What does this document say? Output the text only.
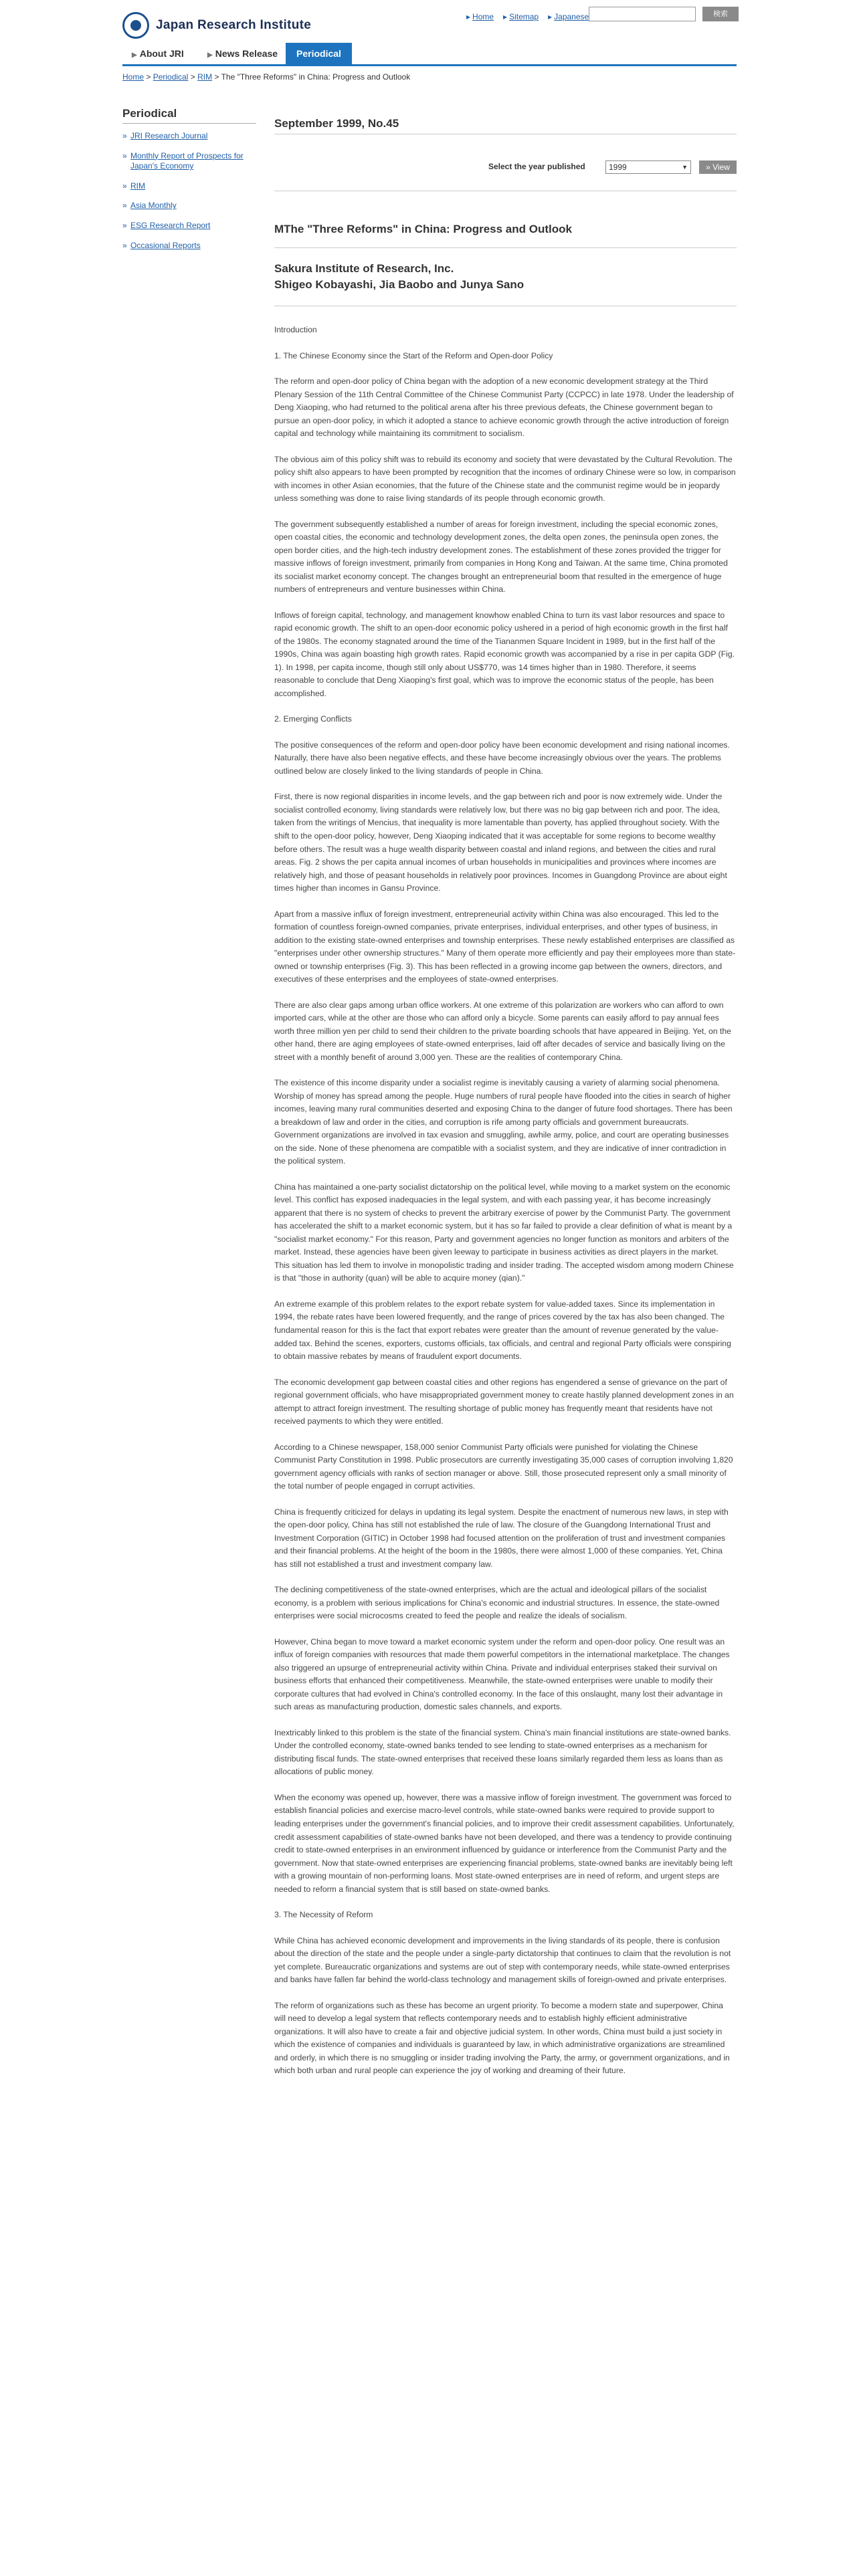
Japan Research Institute
▸ Home ▸ Sitemap ▸ Japanese	検索
▶ About JRI	▶ News Release	Periodical
Home > Periodical > RIM > The "Three Reforms" in China: Progress and Outlook
Periodical
» JRI Research Journal
» Monthly Report of Prospects for Japan's Economy
» RIM
» Asia Monthly
» ESG Research Report
» Occasional Reports
September 1999, No.45
Select the year published	1999	▼	» View
MThe "Three Reforms" in China: Progress and Outlook
Sakura Institute of Research, Inc.
Shigeo Kobayashi, Jia Baobo and Junya Sano
Introduction
1. The Chinese Economy since the Start of the Reform and Open-door Policy

The reform and open-door policy of China began with the adoption of a new economic development strategy at the Third Plenary Session of the 11th Central Committee of the Chinese Communist Party (CCPCC) in late 1978. Under the leadership of Deng Xiaoping, who had returned to the political arena after his three previous defeats, the Chinese government began to pursue an open-door policy, in which it adopted a stance to achieve economic growth through the active introduction of foreign capital and technology while maintaining its commitment to socialism.

The obvious aim of this policy shift was to rebuild its economy and society that were devastated by the Cultural Revolution. The policy shift also appears to have been prompted by recognition that the incomes of ordinary Chinese were so low, in comparison with incomes in other Asian economies, that the future of the Chinese state and the communist regime would be in jeopardy unless something was done to raise living standards of its people through economic growth.

The government subsequently established a number of areas for foreign investment, including the special economic zones, open coastal cities, the economic and technology development zones, the delta open zones, the peninsula open zones, the open border cities, and the high-tech industry development zones. The establishment of these zones provided the trigger for massive inflows of foreign investment, primarily from companies in Hong Kong and Taiwan. At the same time, China promoted its socialist market economy concept. The changes brought an entrepreneurial boom that resulted in the emergence of huge numbers of entrepreneurs and venture businesses within China.

Inflows of foreign capital, technology, and management knowhow enabled China to turn its vast labor resources and space to rapid economic growth. The shift to an open-door economic policy ushered in a period of high economic growth in the first half of the 1980s. The economy stagnated around the time of the Tiananmen Square Incident in 1989, but in the first half of the 1990s, China was again boasting high growth rates. Rapid economic growth was accompanied by a rise in per capita GDP (Fig. 1). In 1998, per capita income, though still only about US$770, was 14 times higher than in 1980. Therefore, it seems reasonable to conclude that Deng Xiaoping's first goal, which was to improve the economic status of the people, has been accomplished.

2. Emerging Conflicts

The positive consequences of the reform and open-door policy have been economic development and rising national incomes. Naturally, there have also been negative effects, and these have become increasingly obvious over the years. The problems outlined below are closely linked to the living standards of people in China.

First, there is now regional disparities in income levels, and the gap between rich and poor is now extremely wide. Under the socialist controlled economy, living standards were relatively low, but there was no big gap between rich and poor. The idea, taken from the writings of Mencius, that inequality is more lamentable than poverty, has applied throughout society. With the shift to the open-door policy, however, Deng Xiaoping indicated that it was acceptable for some regions to become wealthy before others. The result was a huge wealth disparity between coastal and inland regions, and between the cities and rural areas. Fig. 2 shows the per capita annual incomes of urban households in municipalities and provinces where incomes are relatively high, and those of peasant households in relatively poor provinces. Incomes in Guangdong Province are about eight times higher than incomes in Gansu Province.

Apart from a massive influx of foreign investment, entrepreneurial activity within China was also encouraged. This led to the formation of countless foreign-owned companies, private enterprises, individual enterprises, and other types of business, in addition to the existing state-owned enterprises and township enterprises. These newly established enterprises are classified as "enterprises under other ownership structures." Many of them operate more efficiently and pay their employees more than state-owned or township enterprises (Fig. 3). This has been reflected in a growing income gap between the owners, directors, and executives of these enterprises and the employees of state-owned enterprises.

There are also clear gaps among urban office workers. At one extreme of this polarization are workers who can afford to own imported cars, while at the other are those who can afford only a bicycle. Some parents can easily afford to pay annual fees worth three million yen per child to send their children to the private boarding schools that have appeared in Beijing. Yet, on the other hand, there are aging employees of state-owned enterprises, laid off after decades of service and basically living on the street with a monthly benefit of around 3,000 yen. These are the realities of contemporary China.

The existence of this income disparity under a socialist regime is inevitably causing a variety of alarming social phenomena. Worship of money has spread among the people. Huge numbers of rural people have flooded into the cities in search of higher incomes, leaving many rural communities deserted and exposing China to the danger of future food shortages. There has been a breakdown of law and order in the cities, and corruption is rife among party officials and government bureaucrats. Government organizations are involved in tax evasion and smuggling, awhile army, police, and court are operating businesses on the side. None of these phenomena are compatible with a socialist system, and they are indicative of inner contradiction in the political system.

China has maintained a one-party socialist dictatorship on the political level, while moving to a market system on the economic level. This conflict has exposed inadequacies in the legal system, and with each passing year, it has become increasingly apparent that there is no system of checks to prevent the arbitrary exercise of power by the Communist Party. The government has accelerated the shift to a market economic system, but it has so far failed to provide a clear definition of what is meant by a "socialist market economy." For this reason, Party and government agencies no longer function as monitors and arbiters of the market. Instead, these agencies have been given leeway to participate in business activities as direct players in the market. This situation has led them to involve in monopolistic trading and insider trading. The accepted wisdom among modern Chinese is that "those in authority (quan) will be able to acquire money (qian)."

An extreme example of this problem relates to the export rebate system for value-added taxes. Since its implementation in 1994, the rebate rates have been lowered frequently, and the range of prices covered by the tax has also been changed. The fundamental reason for this is the fact that export rebates were greater than the amount of revenue generated by the value-added tax. Behind the scenes, exporters, customs officials, tax officials, and central and regional Party officials were conspiring to obtain massive rebates by means of fraudulent export documents.

The economic development gap between coastal cities and other regions has engendered a sense of grievance on the part of regional government officials, who have misappropriated government money to create hastily planned development zones in an attempt to attract foreign investment. The resulting shortage of public money has frequently meant that residents have not received payments to which they were entitled.

According to a Chinese newspaper, 158,000 senior Communist Party officials were punished for violating the Chinese Communist Party Constitution in 1998. Public prosecutors are currently investigating 35,000 cases of corruption involving 1,820 government agency officials with ranks of section manager or above. Still, those prosecuted represent only a small minority of the total number of people engaged in corrupt activities.

China is frequently criticized for delays in updating its legal system. Despite the enactment of numerous new laws, in step with the open-door policy, China has still not established the rule of law. The closure of the Guangdong International Trust and Investment Corporation (GITIC) in October 1998 had focused attention on the proliferation of trust and investment companies and their financial problems. At the height of the boom in the 1980s, there were almost 1,000 of these companies. Yet, China has still not established a trust and investment company law.

The declining competitiveness of the state-owned enterprises, which are the actual and ideological pillars of the socialist economy, is a problem with serious implications for China's economic and industrial structures. In essence, the state-owned enterprises were social microcosms created to feed the people and realize the ideals of socialism.

However, China began to move toward a market economic system under the reform and open-door policy. One result was an influx of foreign companies with resources that made them powerful competitors in the international marketplace. The changes also triggered an upsurge of entrepreneurial activity within China. Private and individual enterprises staked their survival on business efforts that enhanced their competitiveness. Meanwhile, the state-owned enterprises were unable to modify their corporate cultures that had evolved in China's controlled economy. In the face of this onslaught, many lost their advantage in such areas as manufacturing production, domestic sales channels, and exports.

Inextricably linked to this problem is the state of the financial system. China's main financial institutions are state-owned banks. Under the controlled economy, state-owned banks tended to see lending to state-owned enterprises as a mechanism for distributing fiscal funds. The state-owned enterprises that received these loans similarly regarded them less as loans than as allocations of public money.

When the economy was opened up, however, there was a massive inflow of foreign investment. The government was forced to establish financial policies and exercise macro-level controls, while state-owned banks were required to provide support to leading enterprises under the government's financial policies, and to improve their credit assessment capabilities. Unfortunately, credit assessment capabilities of state-owned banks have not been developed, and there was a tendency to provide continuing credit to state-owned enterprises in an environment influenced by guidance or interference from the Communist Party and the government. Now that state-owned enterprises are experiencing financial problems, state-owned banks are inevitably being left with a growing mountain of non-performing loans. Most state-owned enterprises are in need of reform, and urgent steps are needed to reform a financial system that is still based on state-owned banks.

3. The Necessity of Reform

While China has achieved economic development and improvements in the living standards of its people, there is confusion about the direction of the state and the people under a single-party dictatorship that continues to claim that the revolution is not yet complete. Bureaucratic organizations and systems are out of step with contemporary needs, while state-owned enterprises and banks have fallen far behind the world-class technology and management skills of foreign-owned and private enterprises.

The reform of organizations such as these has become an urgent priority. To become a modern state and superpower, China will need to develop a legal system that reflects contemporary needs and to establish highly efficient administrative organizations. It will also have to create a fair and objective judicial system. In other words, China must build a just society in which the existence of companies and individuals is guaranteed by law, in which administrative organizations are streamlined and orderly, in which there is no smuggling or insider trading involving the Party, the army, or government organizations, and in which both urban and rural people can experience the joy of working and dreaming of their future.
